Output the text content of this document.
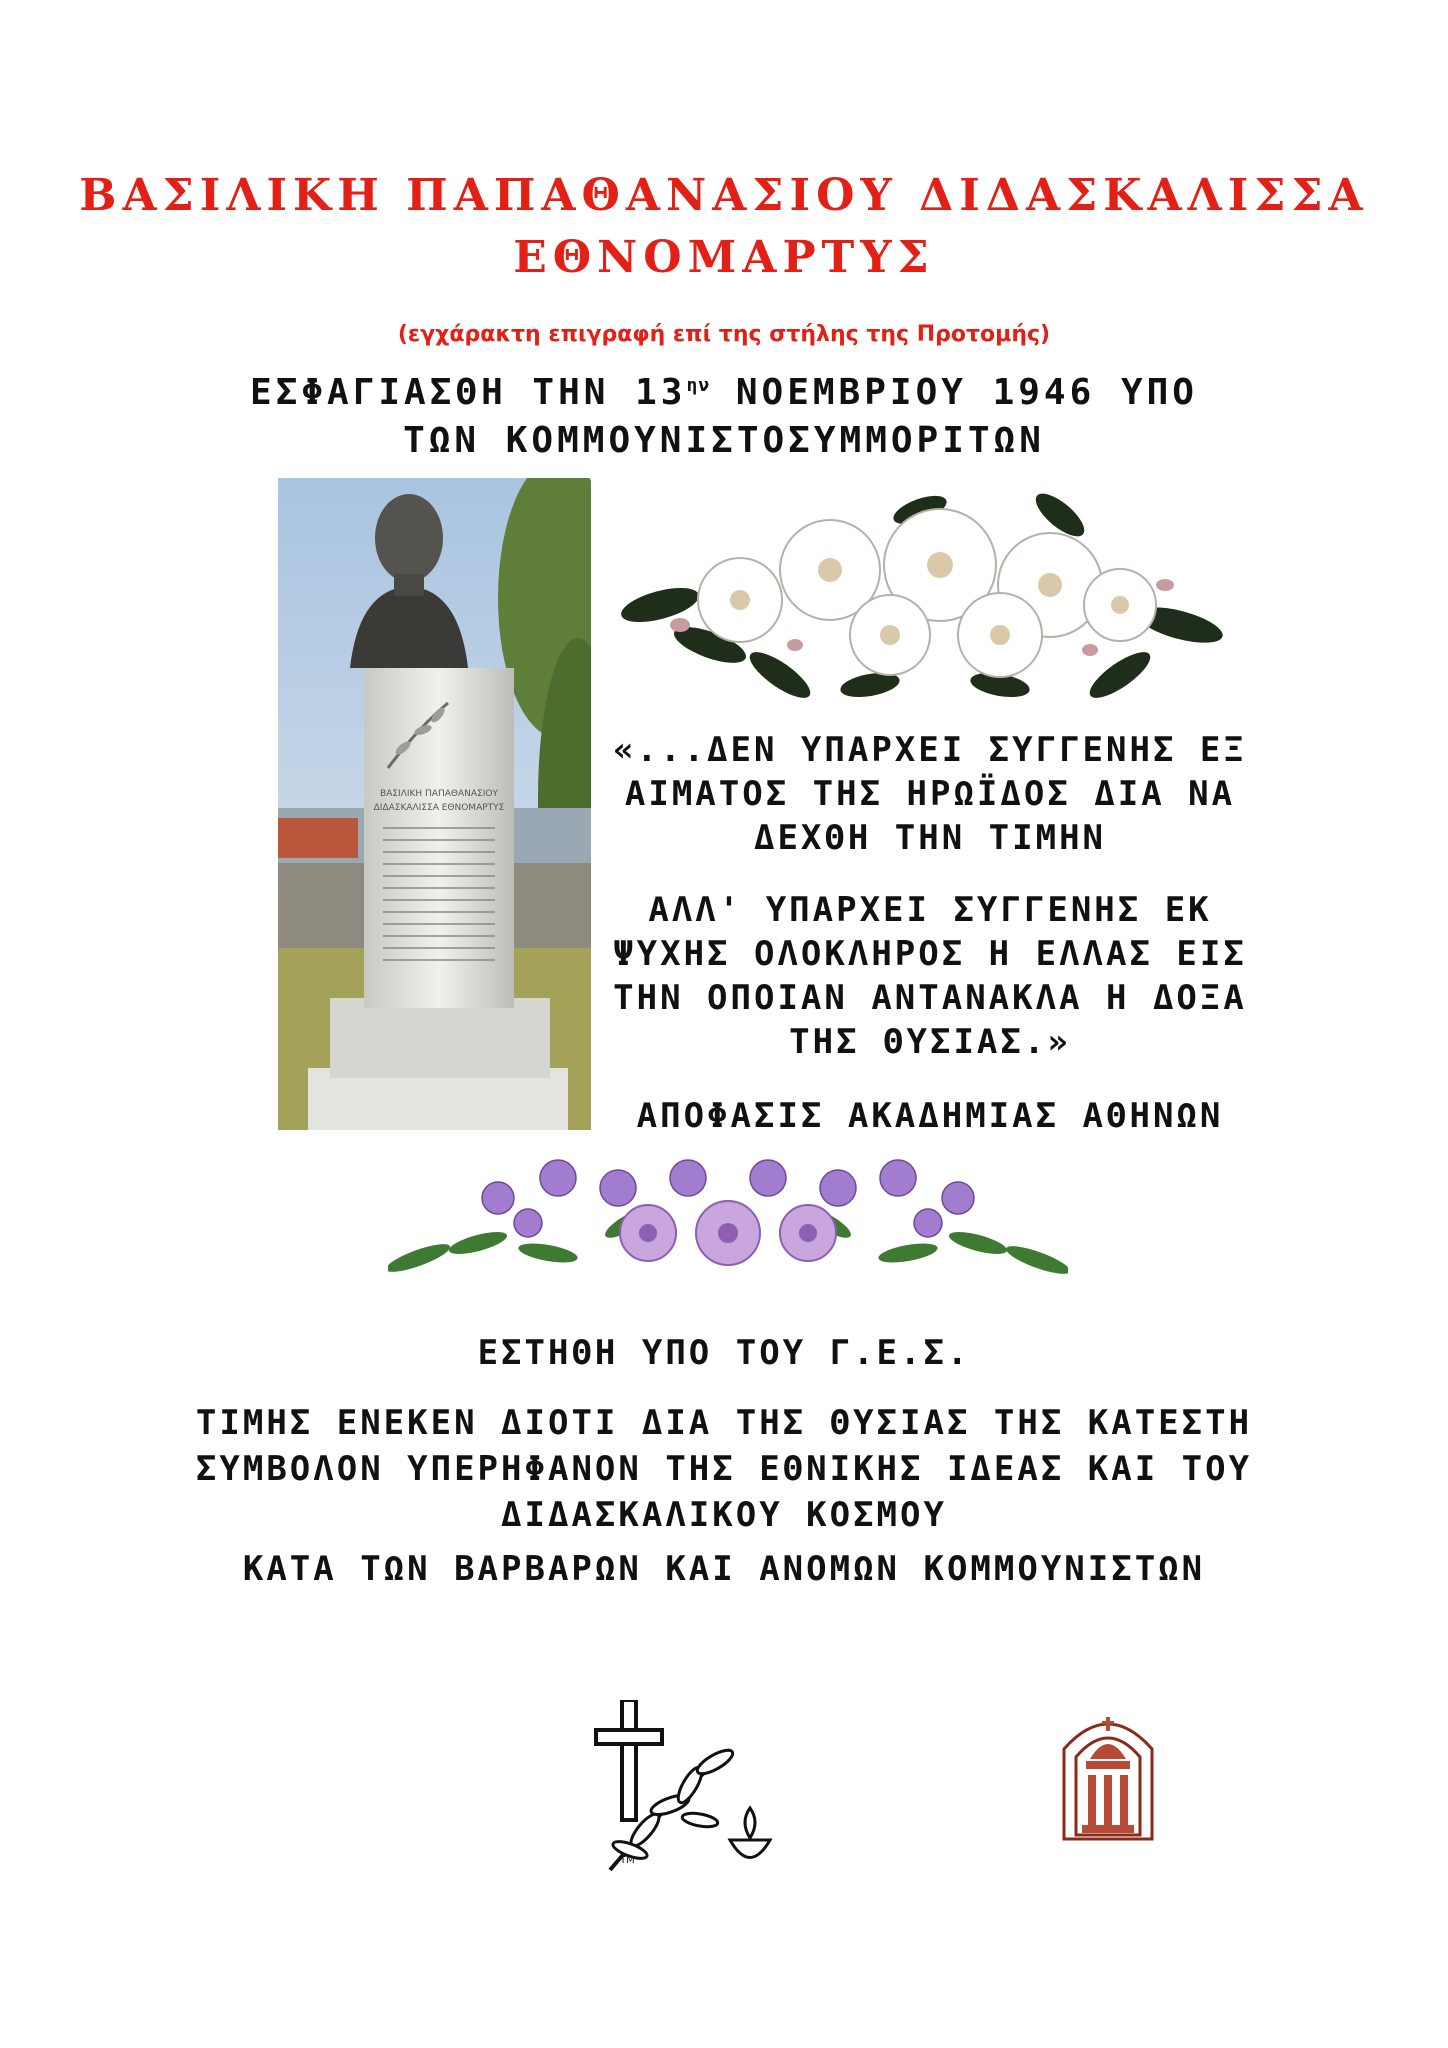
ΒΑΣΙΛΙΚΗ ΠΑΠΑΘΑΝΑΣΙΟΥ ΔΙΔΑΣΚΑΛΙΣΣΑ
ΕΘΝΟΜΑΡΤΥΣ
(εγχάρακτη επιγραφή επί της στήλης της Προτομής)
ΕΣΦΑΓΙΑΣΘΗ ΤΗΝ $13^{\eta\nu}$ ΝΟΕΜΒΡΙΟΥ 1946 ΥΠΟ
ΤΩΝ ΚΟΜΜΟΥΝΙΣΤΟΣΥΜΜΟΡΙΤΩΝ
ΒΑΣΙΛΙΚΗ ΠΑΠΑΘΑΝΑΣΙΟΥ
ΔΙΔΑΣΚΑΛΙΣΣΑ ΕΘΝΟΜΑΡΤΥΣ
«...ΔΕΝ ΥΠΑΡΧΕΙ ΣΥΓΓΕΝΗΣ ΕΞ ΑΙΜΑΤΟΣ ΤΗΣ ΗΡΩΪΔΟΣ ΔΙΑ ΝΑ ΔΕΧΘΗ ΤΗΝ ΤΙΜΗΝ
ΑΛΛ' ΥΠΑΡΧΕΙ ΣΥΓΓΕΝΗΣ ΕΚ ΨΥΧΗΣ ΟΛΟΚΛΗΡΟΣ Η ΕΛΛΑΣ ΕΙΣ ΤΗΝ ΟΠΟΙΑΝ ΑΝΤΑΝΑΚΛΑ Η ΔΟΞΑ ΤΗΣ ΘΥΣΙΑΣ.»
ΑΠΟΦΑΣΙΣ ΑΚΑΔΗΜΙΑΣ ΑΘΗΝΩΝ
ΕΣΤΗΘΗ ΥΠΟ ΤΟΥ Γ.Ε.Σ.
ΤΙΜΗΣ ΕΝΕΚΕΝ ΔΙΟΤΙ ΔΙΑ ΤΗΣ ΘΥΣΙΑΣ ΤΗΣ ΚΑΤΕΣΤΗ ΣΥΜΒΟΛΟΝ ΥΠΕΡΗΦΑΝΟΝ ΤΗΣ ΕΘΝΙΚΗΣ ΙΔΕΑΣ ΚΑΙ ΤΟΥ ΔΙΔΑΣΚΑΛΙΚΟΥ ΚΟΣΜΟΥ
ΚΑΤΑ ΤΩΝ ΒΑΡΒΑΡΩΝ ΚΑΙ ΑΝΟΜΩΝ ΚΟΜΜΟΥΝΙΣΤΩΝ
TM
